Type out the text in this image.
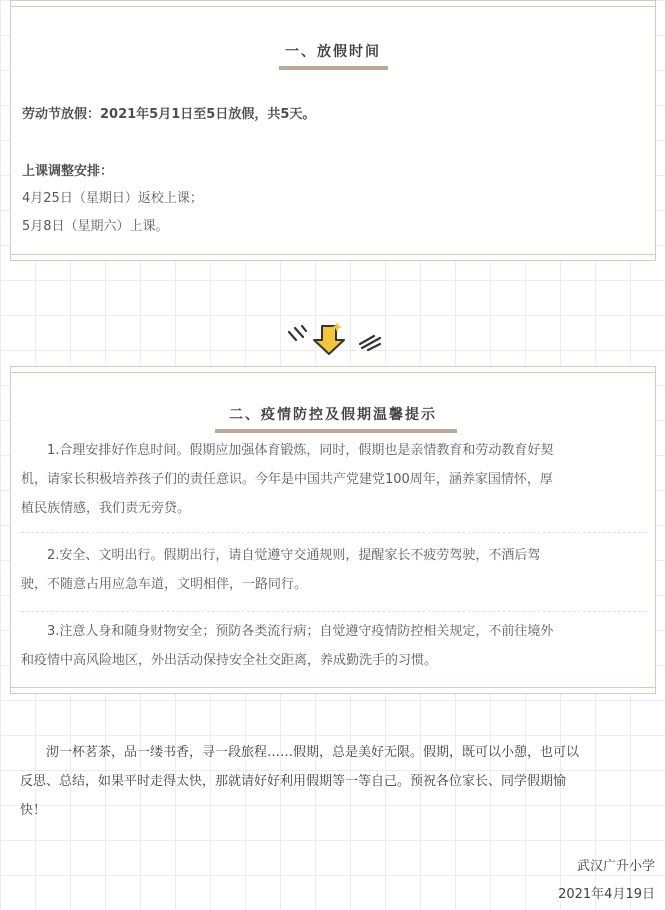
一、放假时间
劳动节放假：2021年5月1日至5日放假，共5天。
上课调整安排：
4月25日（星期日）返校上课；
5月8日（星期六）上课。
二、疫情防控及假期温馨提示
　　1.合理安排好作息时间。假期应加强体育锻炼，同时，假期也是亲情教育和劳动教育好契
机，请家长积极培养孩子们的责任意识。今年是中国共产党建党100周年，涵养家国情怀，厚
植民族情感，我们责无旁贷。
　　2.安全、文明出行。假期出行，请自觉遵守交通规则，提醒家长不疲劳驾驶，不酒后驾
驶，不随意占用应急车道，文明相伴，一路同行。
　　3.注意人身和随身财物安全；预防各类流行病；自觉遵守疫情防控相关规定，不前往境外
和疫情中高风险地区，外出活动保持安全社交距离，养成勤洗手的习惯。
　　沏一杯茗茶，品一缕书香，寻一段旅程……假期，总是美好无限。假期，既可以小憩，也可以
反思、总结，如果平时走得太快，那就请好好利用假期等一等自己。预祝各位家长、同学假期愉
快！
武汉广升小学
2021年4月19日
